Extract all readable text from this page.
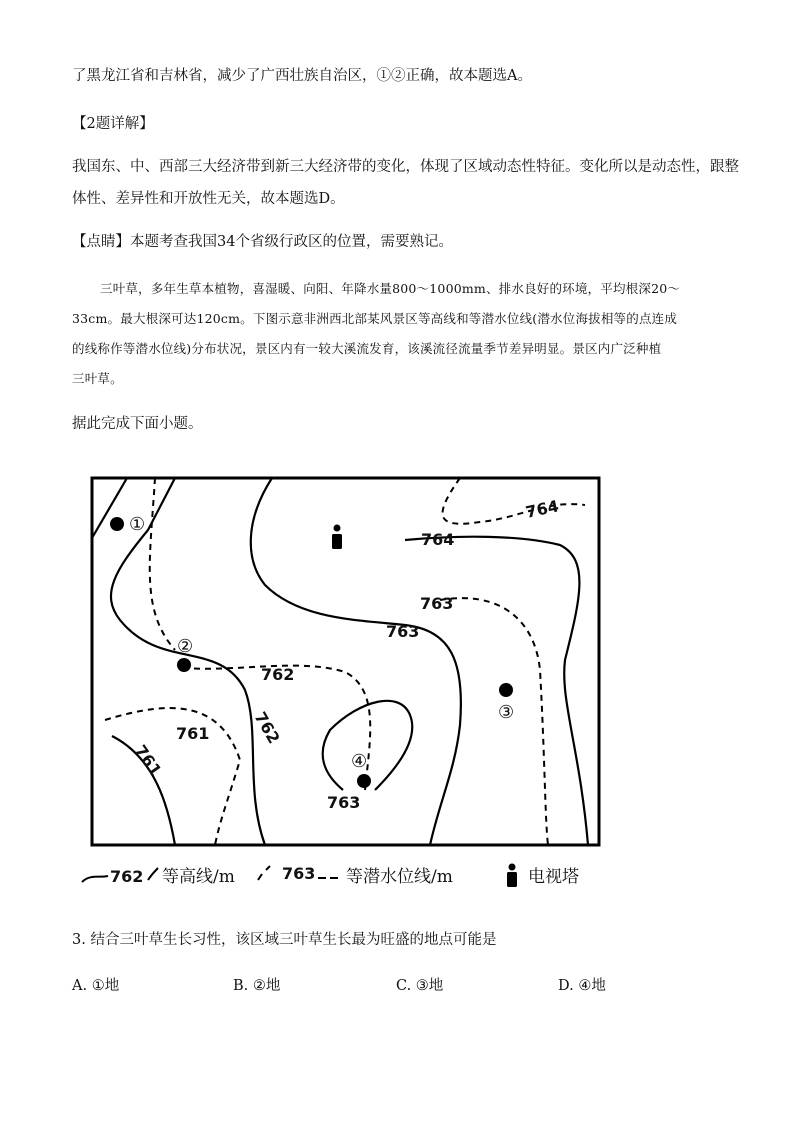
了黑龙江省和吉林省，减少了广西壮族自治区，①②正确，故本题选A。
【2题详解】
我国东、中、西部三大经济带到新三大经济带的变化，体现了区域动态性特征。变化所以是动态性，跟整
体性、差异性和开放性无关，故本题选D。
【点睛】本题考查我国34个省级行政区的位置，需要熟记。
三叶草，多年生草本植物，喜湿暖、向阳、年降水量800～1000mm、排水良好的环境，平均根深20～
33cm。最大根深可达120cm。下图示意非洲西北部某风景区等高线和等潜水位线(潜水位海拔相等的点连成
的线称作等潜水位线)分布状况，景区内有一较大溪流发育，该溪流径流量季节差异明显。景区内广泛种植
三叶草。
据此完成下面小题。
①
②
③
④
764
764
763
763
763
762
762
761
761
762 等高线/m	763 等潜水位线/m	电视塔
3. 结合三叶草生长习性，该区域三叶草生长最为旺盛的地点可能是
A. ①地	B. ②地	C. ③地	D. ④地
